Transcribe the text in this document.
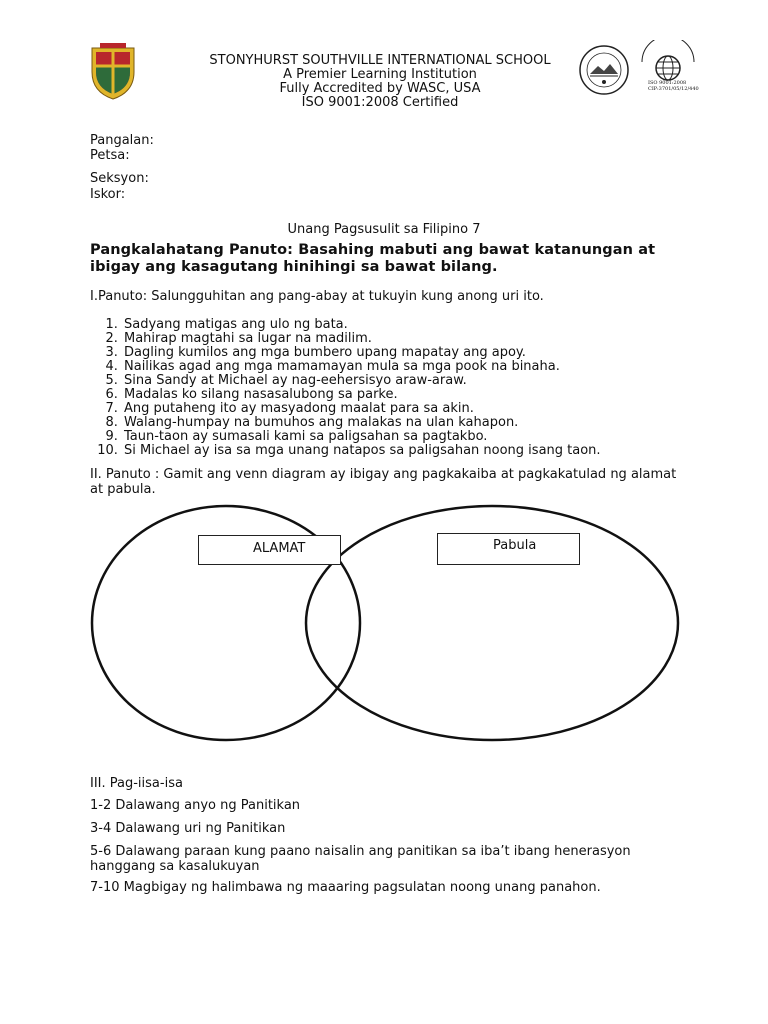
STONYHURST SOUTHVILLE INTERNATIONAL SCHOOL
A Premier Learning Institution
Fully Accredited by WASC, USA
ISO 9001:2008 Certified
ISO 9001:2008
CIP:3701/05/12/440
Pangalan:
Petsa:
Seksyon:
Iskor:
Unang Pagsusulit sa Filipino 7
Pangkalahatang Panuto: Basahing mabuti ang bawat katanungan at ibigay ang kasagutang hinihingi sa bawat bilang.
I.Panuto: Salungguhitan ang pang-abay at tukuyin kung anong uri ito.
1. Sadyang matigas ang ulo ng bata.
2. Mahirap magtahi sa lugar na madilim.
3. Dagling kumilos ang mga bumbero upang mapatay ang apoy.
4. Nailikas agad ang mga mamamayan mula sa mga pook na binaha.
5. Sina Sandy at Michael ay nag-eehersisyo araw-araw.
6. Madalas ko silang nasasalubong sa parke.
7. Ang putaheng ito ay masyadong maalat para sa akin.
8. Walang-humpay na bumuhos ang malakas na ulan kahapon.
9. Taun-taon ay sumasali kami sa paligsahan sa pagtakbo.
10. Si Michael ay isa sa mga unang natapos sa paligsahan noong isang taon.
II. Panuto : Gamit ang venn diagram ay ibigay ang pagkakaiba at pagkakatulad ng alamat at pabula.
ALAMAT	Pabula
III. Pag-iisa-isa
1-2 Dalawang anyo ng Panitikan
3-4 Dalawang uri ng Panitikan
5-6 Dalawang paraan kung paano naisalin ang panitikan sa iba’t ibang henerasyon hanggang sa kasalukuyan
7-10 Magbigay ng halimbawa ng maaaring pagsulatan noong unang panahon.
